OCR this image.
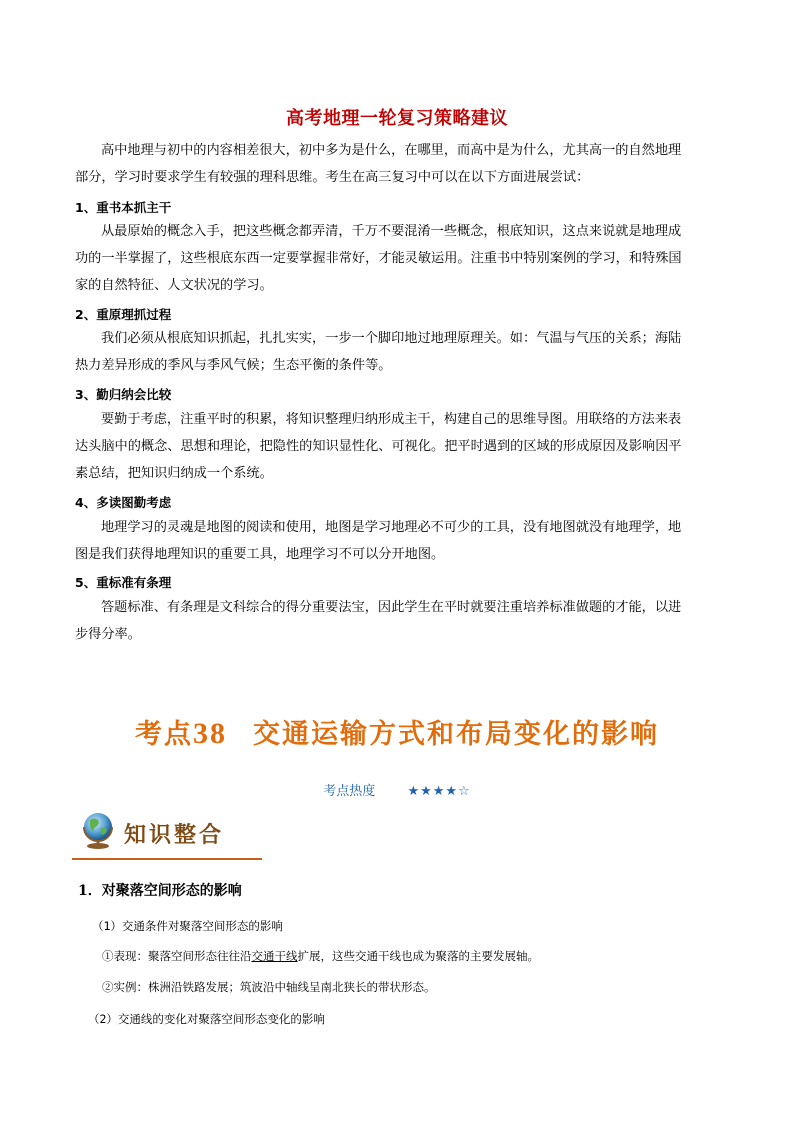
高考地理一轮复习策略建议
高中地理与初中的内容相差很大，初中多为是什么，在哪里，而高中是为什么，尤其高一的自然地理
部分，学习时要求学生有较强的理科思维。考生在高三复习中可以在以下方面进展尝试：
1、重书本抓主干
从最原始的概念入手，把这些概念都弄清，千万不要混淆一些概念，根底知识，这点来说就是地理成
功的一半掌握了，这些根底东西一定要掌握非常好，才能灵敏运用。注重书中特别案例的学习，和特殊国
家的自然特征、人文状况的学习。
2、重原理抓过程
我们必须从根底知识抓起，扎扎实实，一步一个脚印地过地理原理关。如：气温与气压的关系；海陆
热力差异形成的季风与季风气候；生态平衡的条件等。
3、勤归纳会比较
要勤于考虑，注重平时的积累，将知识整理归纳形成主干，构建自己的思维导图。用联络的方法来表
达头脑中的概念、思想和理论，把隐性的知识显性化、可视化。把平时遇到的区域的形成原因及影响因平
素总结，把知识归纳成一个系统。
4、多读图勤考虑
地理学习的灵魂是地图的阅读和使用，地图是学习地理必不可少的工具，没有地图就没有地理学，地
图是我们获得地理知识的重要工具，地理学习不可以分开地图。
5、重标准有条理
答题标准、有条理是文科综合的得分重要法宝，因此学生在平时就要注重培养标准做题的才能，以进
步得分率。
考点38 交通运输方式和布局变化的影响
考点热度 ★★★★☆
知识整合
1．对聚落空间形态的影响
（1）交通条件对聚落空间形态的影响
①表现：聚落空间形态往往沿交通干线扩展，这些交通干线也成为聚落的主要发展轴。
②实例：株洲沿铁路发展；筑波沿中轴线呈南北狭长的带状形态。
（2）交通线的变化对聚落空间形态变化的影响
